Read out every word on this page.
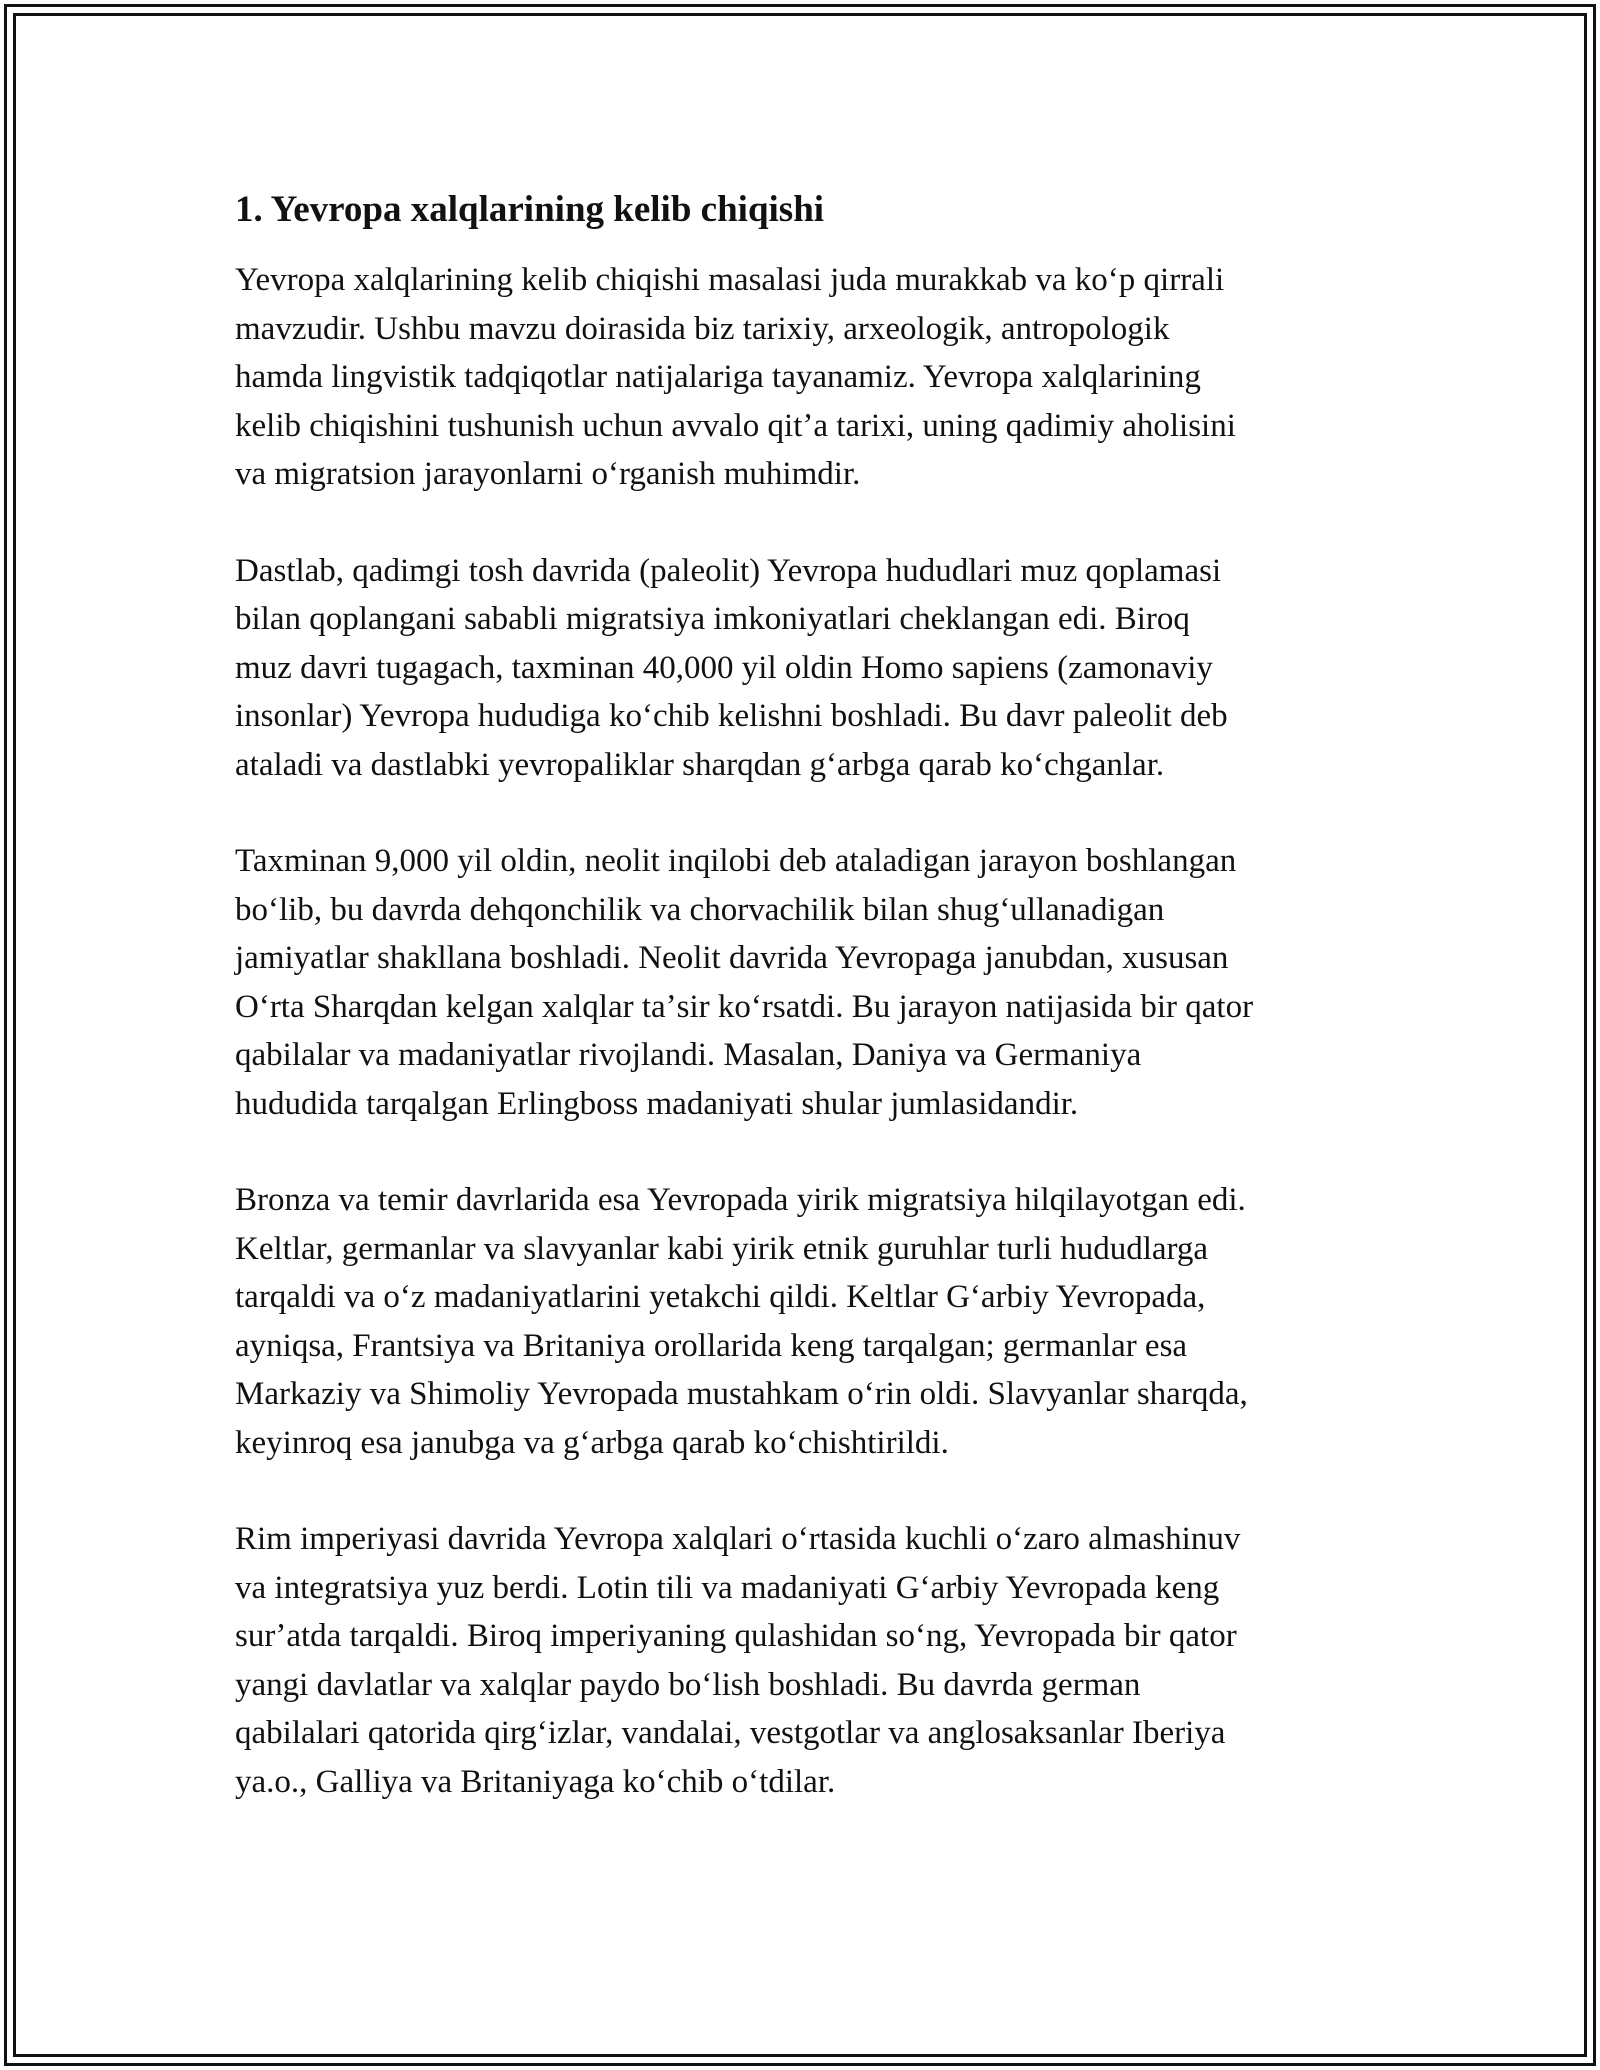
1. Yevropa xalqlarining kelib chiqishi

Yevropa xalqlarining kelib chiqishi masalasi juda murakkab va koʻp qirrali
mavzudir. Ushbu mavzu doirasida biz tarixiy, arxeologik, antropologik
hamda lingvistik tadqiqotlar natijalariga tayanamiz. Yevropa xalqlarining
kelib chiqishini tushunish uchun avvalo qitʼa tarixi, uning qadimiy aholisini
va migratsion jarayonlarni oʻrganish muhimdir.

Dastlab, qadimgi tosh davrida (paleolit) Yevropa hududlari muz qoplamasi
bilan qoplangani sababli migratsiya imkoniyatlari cheklangan edi. Biroq
muz davri tugagach, taxminan 40,000 yil oldin Homo sapiens (zamonaviy
insonlar) Yevropa hududiga koʻchib kelishni boshladi. Bu davr paleolit deb
ataladi va dastlabki yevropaliklar sharqdan gʻarbga qarab koʻchganlar.

Taxminan 9,000 yil oldin, neolit inqilobi deb ataladigan jarayon boshlangan
boʻlib, bu davrda dehqonchilik va chorvachilik bilan shugʻullanadigan
jamiyatlar shakllana boshladi. Neolit davrida Yevropaga janubdan, xususan
Oʻrta Sharqdan kelgan xalqlar taʼsir koʻrsatdi. Bu jarayon natijasida bir qator
qabilalar va madaniyatlar rivojlandi. Masalan, Daniya va Germaniya
hududida tarqalgan Erlingboss madaniyati shular jumlasidandir.

Bronza va temir davrlarida esa Yevropada yirik migratsiya hilqilayotgan edi.
Keltlar, germanlar va slavyanlar kabi yirik etnik guruhlar turli hududlarga
tarqaldi va oʻz madaniyatlarini yetakchi qildi. Keltlar Gʻarbiy Yevropada,
ayniqsa, Frantsiya va Britaniya orollarida keng tarqalgan; germanlar esa
Markaziy va Shimoliy Yevropada mustahkam oʻrin oldi. Slavyanlar sharqda,
keyinroq esa janubga va gʻarbga qarab koʻchishtirildi.

Rim imperiyasi davrida Yevropa xalqlari oʻrtasida kuchli oʻzaro almashinuv
va integratsiya yuz berdi. Lotin tili va madaniyati Gʻarbiy Yevropada keng
surʼatda tarqaldi. Biroq imperiyaning qulashidan soʻng, Yevropada bir qator
yangi davlatlar va xalqlar paydo boʻlish boshladi. Bu davrda german
qabilalari qatorida qirgʻizlar, vandalai, vestgotlar va anglosaksanlar Iberiya
ya.o., Galliya va Britaniyaga koʻchib oʻtdilar.
